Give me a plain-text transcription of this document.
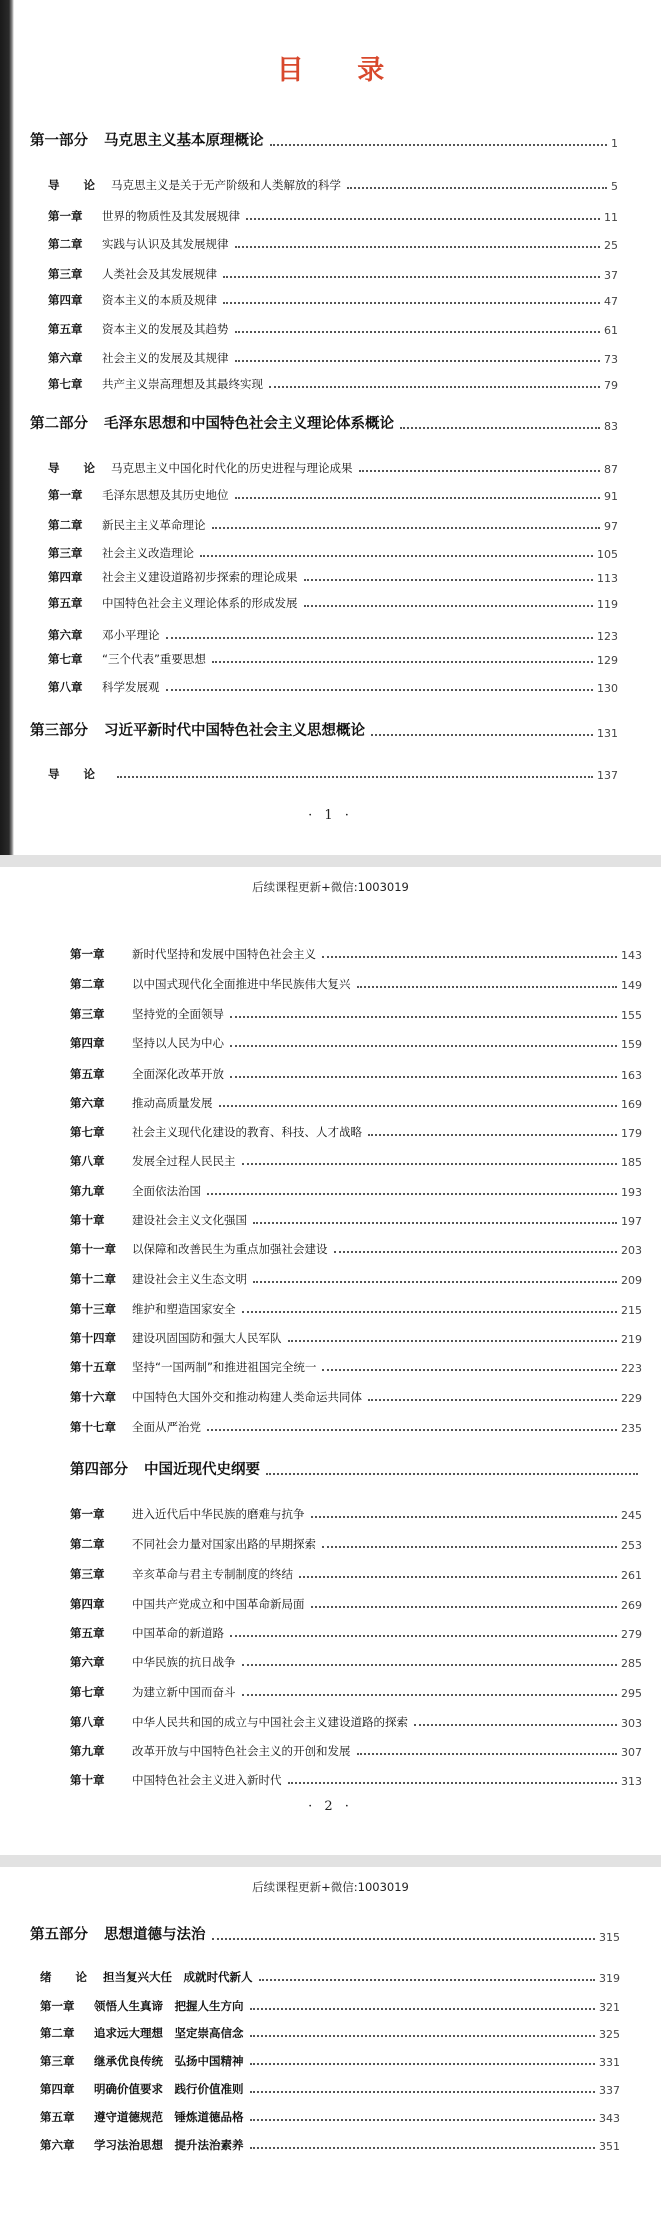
目 录
第一部分	马克思主义基本原理概论	1
导 论 马克思主义是关于无产阶级和人类解放的科学	5
第一章	世界的物质性及其发展规律	11
第二章	实践与认识及其发展规律	25
第三章	人类社会及其发展规律	37
第四章	资本主义的本质及规律	47
第五章	资本主义的发展及其趋势	61
第六章	社会主义的发展及其规律	73
第七章	共产主义崇高理想及其最终实现	79
第二部分	毛泽东思想和中国特色社会主义理论体系概论	83
导 论 马克思主义中国化时代化的历史进程与理论成果	87
第一章	毛泽东思想及其历史地位	91
第二章	新民主主义革命理论	97
第三章	社会主义改造理论	105
第四章	社会主义建设道路初步探索的理论成果	113
第五章	中国特色社会主义理论体系的形成发展	119
第六章	邓小平理论	123
第七章	“三个代表”重要思想	129
第八章	科学发展观	130
第三部分	习近平新时代中国特色社会主义思想概论	131
导 论	137
· 1 ·
后续课程更新+微信:1003019
第一章	新时代坚持和发展中国特色社会主义	143
第二章	以中国式现代化全面推进中华民族伟大复兴	149
第三章	坚持党的全面领导	155
第四章	坚持以人民为中心	159
第五章	全面深化改革开放	163
第六章	推动高质量发展	169
第七章	社会主义现代化建设的教育、科技、人才战略	179
第八章	发展全过程人民民主	185
第九章	全面依法治国	193
第十章	建设社会主义文化强国	197
第十一章	以保障和改善民生为重点加强社会建设	203
第十二章	建设社会主义生态文明	209
第十三章	维护和塑造国家安全	215
第十四章	建设巩固国防和强大人民军队	219
第十五章	坚持“一国两制”和推进祖国完全统一	223
第十六章	中国特色大国外交和推动构建人类命运共同体	229
第十七章	全面从严治党	235
第四部分	中国近现代史纲要
第一章	进入近代后中华民族的磨难与抗争	245
第二章	不同社会力量对国家出路的早期探索	253
第三章	辛亥革命与君主专制制度的终结	261
第四章	中国共产党成立和中国革命新局面	269
第五章	中国革命的新道路	279
第六章	中华民族的抗日战争	285
第七章	为建立新中国而奋斗	295
第八章	中华人民共和国的成立与中国社会主义建设道路的探索	303
第九章	改革开放与中国特色社会主义的开创和发展	307
第十章	中国特色社会主义进入新时代	313
· 2 ·
后续课程更新+微信:1003019
第五部分	思想道德与法治	315
绪 论 担当复兴大任　成就时代新人	319
第一章	领悟人生真谛　把握人生方向	321
第二章	追求远大理想　坚定崇高信念	325
第三章	继承优良传统　弘扬中国精神	331
第四章	明确价值要求　践行价值准则	337
第五章	遵守道德规范　锤炼道德品格	343
第六章	学习法治思想　提升法治素养	351
